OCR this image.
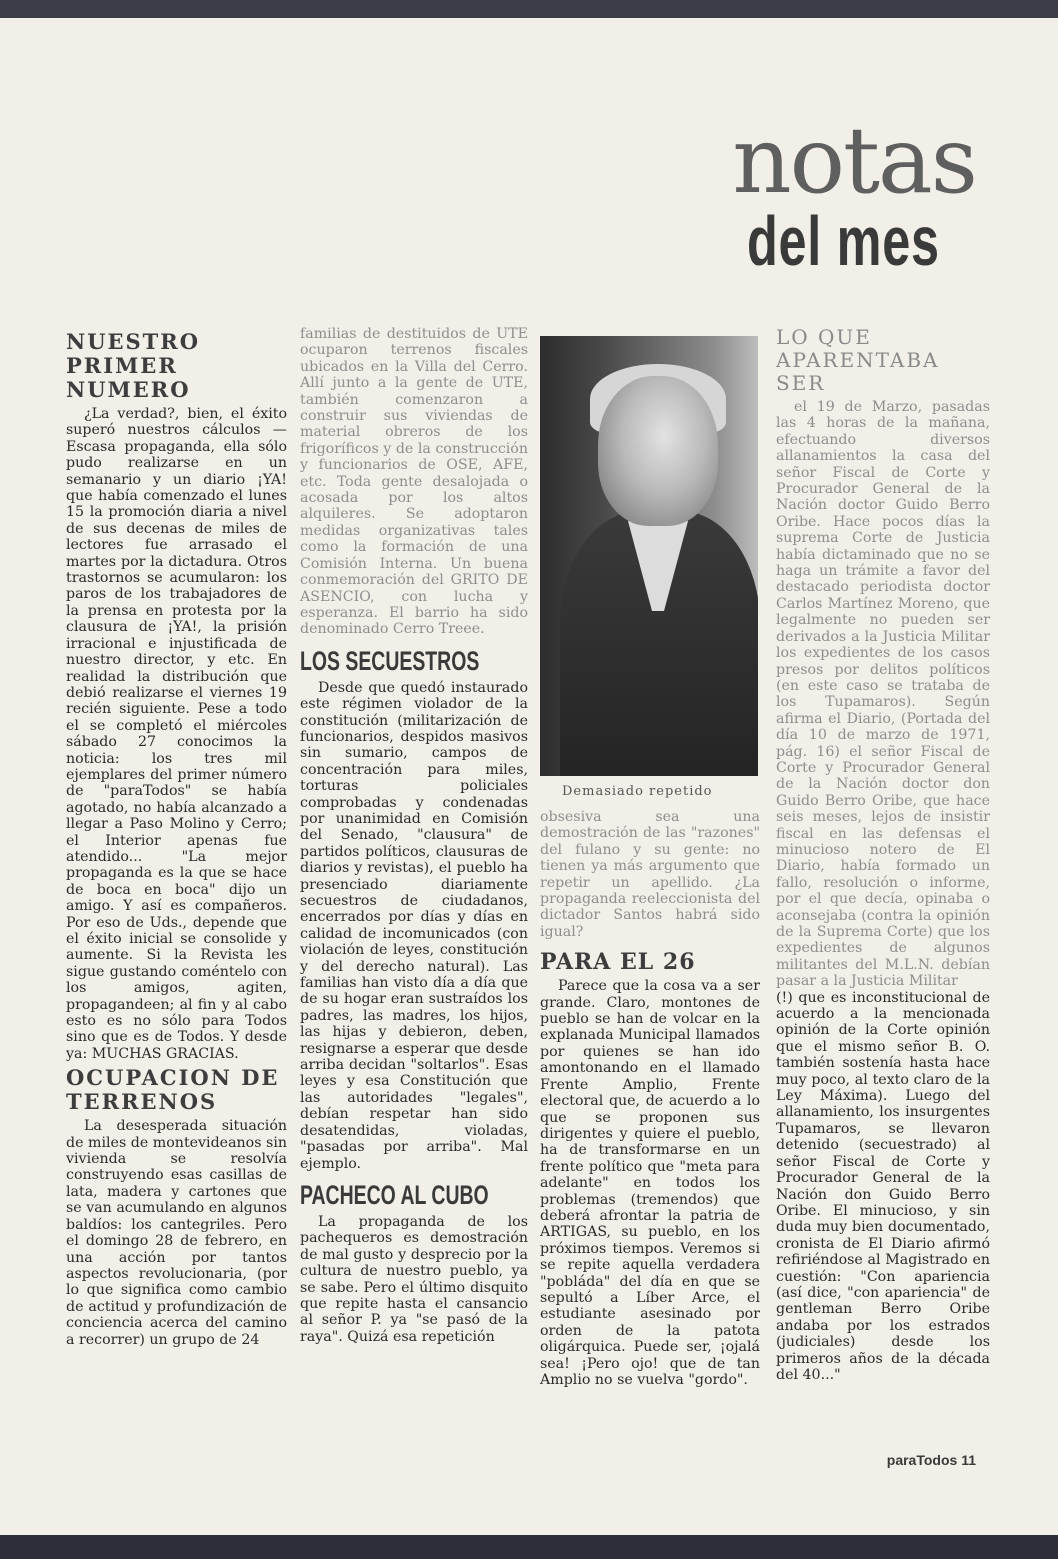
notas
del mes
NUESTRO PRIMER NUMERO

¿La verdad?, bien, el éxito superó nuestros cálculos — Escasa propaganda, ella sólo pudo realizarse en un semanario y un diario ¡YA! que había comenzado el lunes 15 la promoción diaria a nivel de sus decenas de miles de lectores fue arrasado el martes por la dictadura. Otros trastornos se acumularon: los paros de los trabajadores de la prensa en protesta por la clausura de ¡YA!, la prisión irracional e injustificada de nuestro director, y etc. En realidad la distribución que debió realizarse el viernes 19 recién siguiente. Pese a todo el se completó el miércoles sábado 27 conocimos la noticia: los tres mil ejemplares del primer número de "paraTodos" se había agotado, no había alcanzado a llegar a Paso Molino y Cerro; el Interior apenas fue atendido... "La mejor propaganda es la que se hace de boca en boca" dijo un amigo. Y así es compañeros. Por eso de Uds., depende que el éxito inicial se consolide y aumente. Si la Revista les sigue gustando coméntelo con los amigos, agiten, propagandeen; al fin y al cabo esto es no sólo para Todos sino que es de Todos. Y desde ya: MUCHAS GRACIAS.

OCUPACION DE TERRENOS

La desesperada situación de miles de montevideanos sin vivienda se resolvía construyendo esas casillas de lata, madera y cartones que se van acumulando en algunos baldíos: los cantegriles. Pero el domingo 28 de febrero, en una acción por tantos aspectos revolucionaria, (por lo que significa como cambio de actitud y profundización de conciencia acerca del camino a recorrer) un grupo de 24

familias de destituidos de UTE ocuparon terrenos fiscales ubicados en la Villa del Cerro. Allí junto a la gente de UTE, también comenzaron a construir sus viviendas de material obreros de los frigoríficos y de la construcción y funcionarios de OSE, AFE, etc. Toda gente desalojada o acosada por los altos alquileres. Se adoptaron medidas organizativas tales como la formación de una Comisión Interna. Un buena conmemoración del GRITO DE ASENCIO, con lucha y esperanza. El barrio ha sido denominado Cerro Treee.

LOS SECUESTROS

Desde que quedó instaurado este régimen violador de la constitución (militarización de funcionarios, despidos masivos sin sumario, campos de concentración para miles, torturas policiales comprobadas y condenadas por unanimidad en Comisión del Senado, "clausura" de partidos políticos, clausuras de diarios y revistas), el pueblo ha presenciado diariamente secuestros de ciudadanos, encerrados por días y días en calidad de incomunicados (con violación de leyes, constitución y del derecho natural). Las familias han visto día a día que de su hogar eran sustraídos los padres, las madres, los hijos, las hijas y debieron, deben, resignarse a esperar que desde arriba decidan "soltarlos". Esas leyes y esa Constitución que las autoridades "legales", debían respetar han sido desatendidas, violadas, "pasadas por arriba". Mal ejemplo.

PACHECO AL CUBO

La propaganda de los pachequeros es demostración de mal gusto y desprecio por la cultura de nuestro pueblo, ya se sabe. Pero el último disquito que repite hasta el cansancio al señor P. ya "se pasó de la raya". Quizá esa repetición

Demasiado repetido

obsesiva sea una demostración de las "razones" del fulano y su gente: no tienen ya más argumento que repetir un apellido. ¿La propaganda reeleccionista del dictador Santos habrá sido igual?

PARA EL 26

Parece que la cosa va a ser grande. Claro, montones de pueblo se han de volcar en la explanada Municipal llamados por quienes se han ido amontonando en el llamado Frente Amplio, Frente electoral que, de acuerdo a lo que se proponen sus dirigentes y quiere el pueblo, ha de transformarse en un frente político que "meta para adelante" en todos los problemas (tremendos) que deberá afrontar la patria de ARTIGAS, su pueblo, en los próximos tiempos. Veremos si se repite aquella verdadera "pobláda" del día en que se sepultó a Líber Arce, el estudiante asesinado por orden de la patota oligárquica. Puede ser, ¡ojalá sea! ¡Pero ojo! que de tan Amplio no se vuelva "gordo".

LO QUE APARENTABA SER

el 19 de Marzo, pasadas las 4 horas de la mañana, efectuando diversos allanamientos la casa del señor Fiscal de Corte y Procurador General de la Nación doctor Guido Berro Oribe. Hace pocos días la suprema Corte de Justicia había dictaminado que no se haga un trámite a favor del destacado periodista doctor Carlos Martínez Moreno, que legalmente no pueden ser derivados a la Justicia Militar los expedientes de los casos presos por delitos políticos (en este caso se trataba de los Tupamaros). Según afirma el Diario, (Portada del día 10 de marzo de 1971, pág. 16) el señor Fiscal de Corte y Procurador General de la Nación doctor don Guido Berro Oribe, que hace seis meses, lejos de insistir fiscal en las defensas el minucioso notero de El Diario, había formado un fallo, resolución o informe, por el que decía, opinaba o aconsejaba (contra la opinión de la Suprema Corte) que los expedientes de algunos militantes del M.L.N. debían pasar a la Justicia Militar

(!) que es inconstitucional de acuerdo a la mencionada opinión de la Corte opinión que el mismo señor B. O. también sostenía hasta hace muy poco, al texto claro de la Ley Máxima). Luego del allanamiento, los insurgentes Tupamaros, se llevaron detenido (secuestrado) al señor Fiscal de Corte y Procurador General de la Nación don Guido Berro Oribe. El minucioso, y sin duda muy bien documentado, cronista de El Diario afirmó refiriéndose al Magistrado en cuestión: "Con apariencia (así dice, "con apariencia" de gentleman Berro Oribe andaba por los estrados (judiciales) desde los primeros años de la década del 40..."

paraTodos 11
